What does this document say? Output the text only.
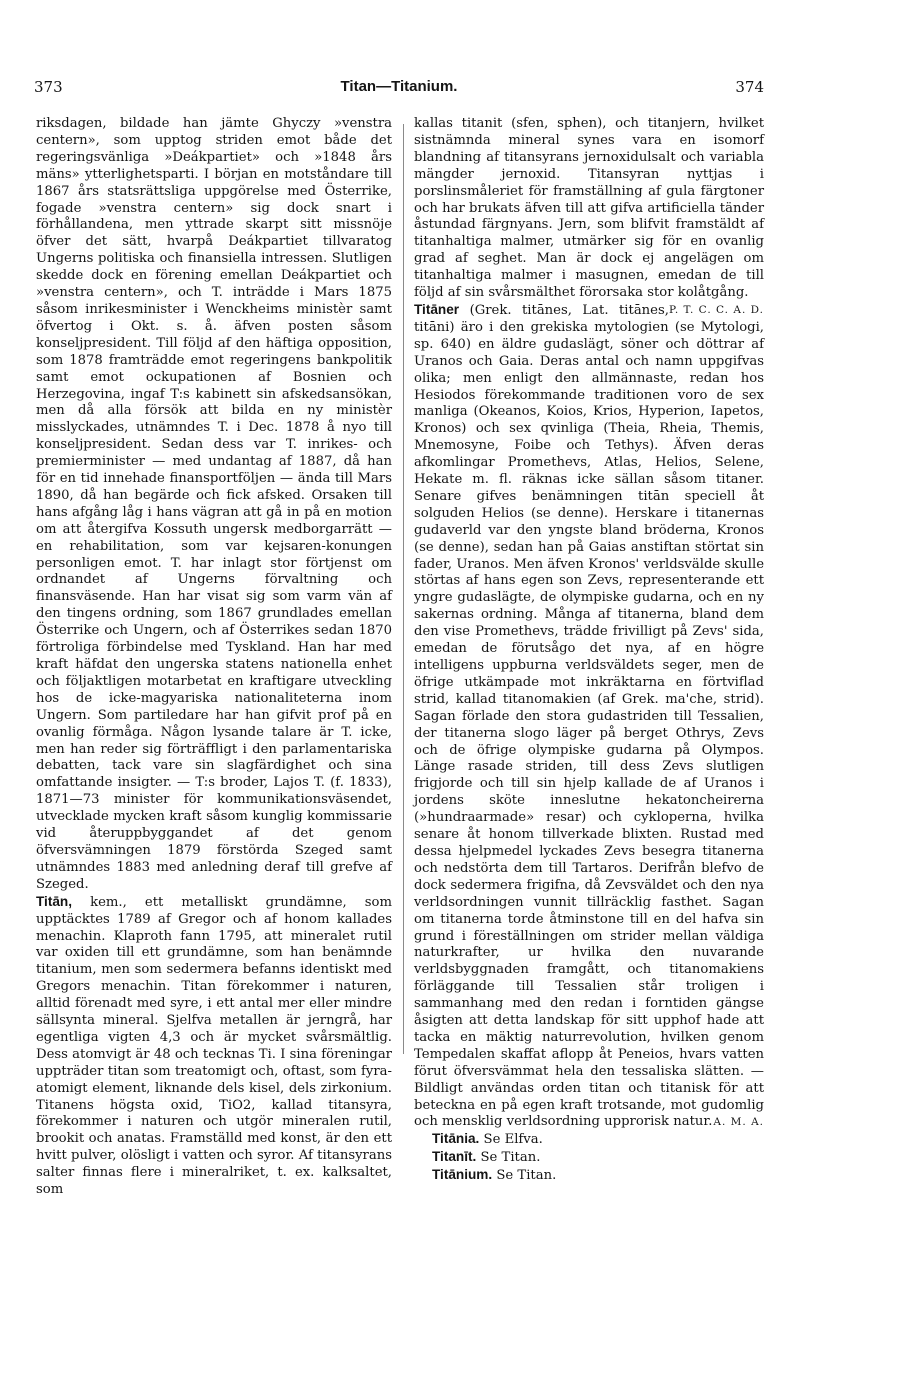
373	Titan—Titanium.	374

riksdagen, bildade han jämte Ghyczy »venstra centern», som upptog striden emot både det regeringsvänliga »Deákpartiet» och »1848 års mäns» ytterlighetsparti. I början en motståndare till 1867 års statsrättsliga uppgörelse med Österrike, fogade »venstra centern» sig dock snart i förhållandena, men yttrade skarpt sitt missnöje öfver det sätt, hvarpå Deákpartiet tillvaratog Ungerns politiska och finansiella intressen. Slutligen skedde dock en förening emellan Deákpartiet och »venstra centern», och T. inträdde i Mars 1875 såsom inrikesminister i Wenckheims ministèr samt öfvertog i Okt. s. å. äfven posten såsom konseljpresident. Till följd af den häftiga opposition, som 1878 framträdde emot regeringens bankpolitik samt emot ockupationen af Bosnien och Herzegovina, ingaf T:s kabinett sin afskedsansökan, men då alla försök att bilda en ny ministèr misslyckades, utnämndes T. i Dec. 1878 å nyo till konseljpresident. Sedan dess var T. inrikes- och premierminister — med undantag af 1887, då han för en tid innehade finansportföljen — ända till Mars 1890, då han begärde och fick afsked. Orsaken till hans afgång låg i hans vägran att gå in på en motion om att återgifva Kossuth ungersk medborgarrätt — en rehabilitation, som var kejsaren-konungen personligen emot. T. har inlagt stor förtjenst om ordnandet af Ungerns förvaltning och finansväsende. Han har visat sig som varm vän af den tingens ordning, som 1867 grundlades emellan Österrike och Ungern, och af Österrikes sedan 1870 förtroliga förbindelse med Tyskland. Han har med kraft häfdat den ungerska statens nationella enhet och följaktligen motarbetat en kraftigare utveckling hos de icke-magyariska nationaliteterna inom Ungern. Som partiledare har han gifvit prof på en ovanlig förmåga. Någon lysande talare är T. icke, men han reder sig förträffligt i den parlamentariska debatten, tack vare sin slagfärdighet och sina omfattande insigter. — T:s broder, Lajos T. (f. 1833), 1871—73 minister för kommunikationsväsendet, utvecklade mycken kraft såsom kunglig kommissarie vid återuppbyggandet af det genom öfversvämningen 1879 förstörda Szeged samt utnämndes 1883 med anledning deraf till grefve af Szeged.

Titān, kem., ett metalliskt grundämne, som upptäcktes 1789 af Gregor och af honom kallades menachin. Klaproth fann 1795, att mineralet rutil var oxiden till ett grundämne, som han benämnde titanium, men som sedermera befanns identiskt med Gregors menachin. Titan förekommer i naturen, alltid förenadt med syre, i ett antal mer eller mindre sällsynta mineral. Sjelfva metallen är jerngrå, har egentliga vigten 4,3 och är mycket svårsmältlig. Dess atomvigt är 48 och tecknas Ti. I sina föreningar uppträder titan som treatomigt och, oftast, som fyra-atomigt element, liknande dels kisel, dels zirkonium. Titanens högsta oxid, TiO2, kallad titansyra, förekommer i naturen och utgör mineralen rutil, brookit och anatas. Framställd med konst, är den ett hvitt pulver, olösligt i vatten och syror. Af titansyrans salter finnas flere i mineralriket, t. ex. kalksaltet, som

kallas titanit (sfen, sphen), och titanjern, hvilket sistnämnda mineral synes vara en isomorf blandning af titansyrans jernoxidulsalt och variabla mängder jernoxid. Titansyran nyttjas i porslinsmåleriet för framställning af gula färgtoner och har brukats äfven till att gifva artificiella tänder åstundad färgnyans. Jern, som blifvit framstäldt af titanhaltiga malmer, utmärker sig för en ovanlig grad af seghet. Man är dock ej angelägen om titanhaltiga malmer i masugnen, emedan de till följd af sin svårsmälthet förorsaka stor kolåtgång.
P. T. C. C. A. D.

Titāner (Grek. titānes, Lat. titānes, titāni) äro i den grekiska mytologien (se Mytologi, sp. 640) en äldre gudaslägt, söner och döttrar af Uranos och Gaia. Deras antal och namn uppgifvas olika; men enligt den allmännaste, redan hos Hesiodos förekommande traditionen voro de sex manliga (Okeanos, Koios, Krios, Hyperion, Iapetos, Kronos) och sex qvinliga (Theia, Rheia, Themis, Mnemosyne, Foibe och Tethys). Äfven deras afkomlingar Promethevs, Atlas, Helios, Selene, Hekate m. fl. räknas icke sällan såsom titaner. Senare gifves benämningen titān speciell åt solguden Helios (se denne). Herskare i titanernas gudaverld var den yngste bland bröderna, Kronos (se denne), sedan han på Gaias anstiftan störtat sin fader, Uranos. Men äfven Kronos' verldsvälde skulle störtas af hans egen son Zevs, representerande ett yngre gudaslägte, de olympiske gudarna, och en ny sakernas ordning. Många af titanerna, bland dem den vise Promethevs, trädde frivilligt på Zevs' sida, emedan de förutsågo det nya, af en högre intelligens uppburna verldsväldets seger, men de öfrige utkämpade mot inkräktarna en förtviflad strid, kallad titanomakien (af Grek. ma'che, strid). Sagan förlade den stora gudastriden till Tessalien, der titanerna slogo läger på berget Othrys, Zevs och de öfrige olympiske gudarna på Olympos. Länge rasade striden, till dess Zevs slutligen frigjorde och till sin hjelp kallade de af Uranos i jordens sköte inneslutne hekatoncheirerna (»hundraarmade» resar) och cykloperna, hvilka senare åt honom tillverkade blixten. Rustad med dessa hjelpmedel lyckades Zevs besegra titanerna och nedstörta dem till Tartaros. Derifrån blefvo de dock sedermera frigifna, då Zevsväldet och den nya verldsordningen vunnit tillräcklig fasthet. Sagan om titanerna torde åtminstone till en del hafva sin grund i föreställningen om strider mellan väldiga naturkrafter, ur hvilka den nuvarande verldsbyggnaden framgått, och titanomakiens förläggande till Tessalien står troligen i sammanhang med den redan i forntiden gängse åsigten att detta landskap för sitt upphof hade att tacka en mäktig naturrevolution, hvilken genom Tempedalen skaffat aflopp åt Peneios, hvars vatten förut öfversvämmat hela den tessaliska slätten. — Bildligt användas orden titan och titanisk för att beteckna en på egen kraft trotsande, mot gudomlig och mensklig verldsordning upprorisk natur. A. M. A.

Titānia. Se Elfva.

Titanīt. Se Titan.

Titānium. Se Titan.
